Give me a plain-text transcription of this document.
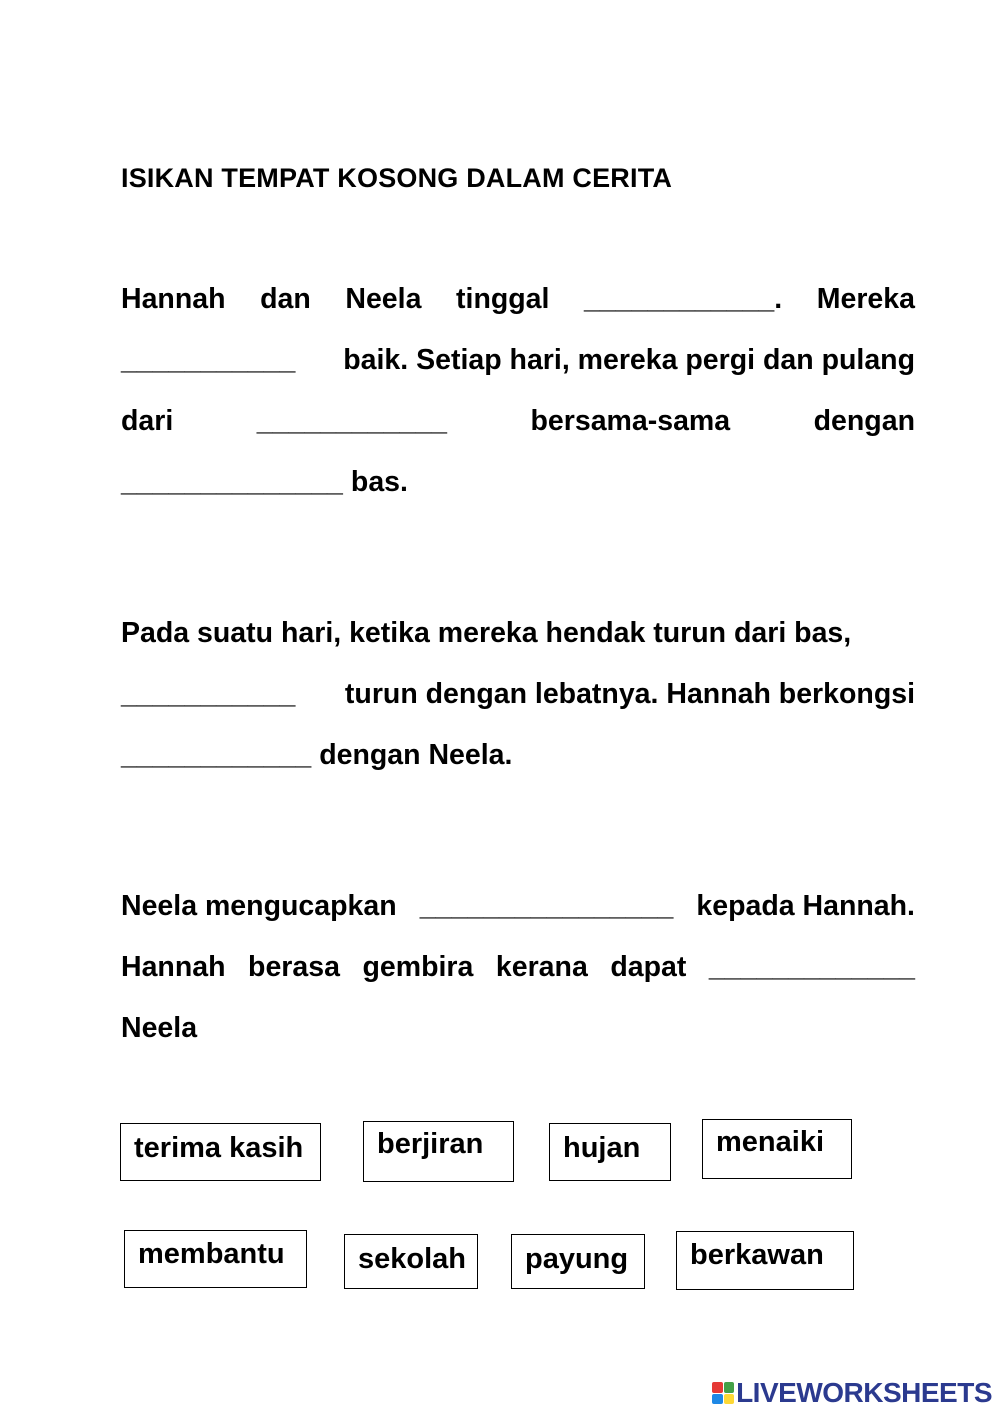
ISIKAN TEMPAT KOSONG DALAM CERITA
Hannah dan Neela tinggal ____________. Mereka
___________ baik. Setiap hari, mereka pergi dan pulang
dari	____________	bersama-sama	dengan
______________ bas.
Pada suatu hari, ketika mereka hendak turun dari bas,
___________ turun dengan lebatnya. Hannah berkongsi
____________ dengan Neela.
Neela mengucapkan ________________ kepada Hannah.
Hannah berasa gembira kerana dapat _____________
Neela
terima kasih	berjiran	hujan	menaiki
membantu	sekolah	payung	berkawan
LIVEWORKSHEETS
